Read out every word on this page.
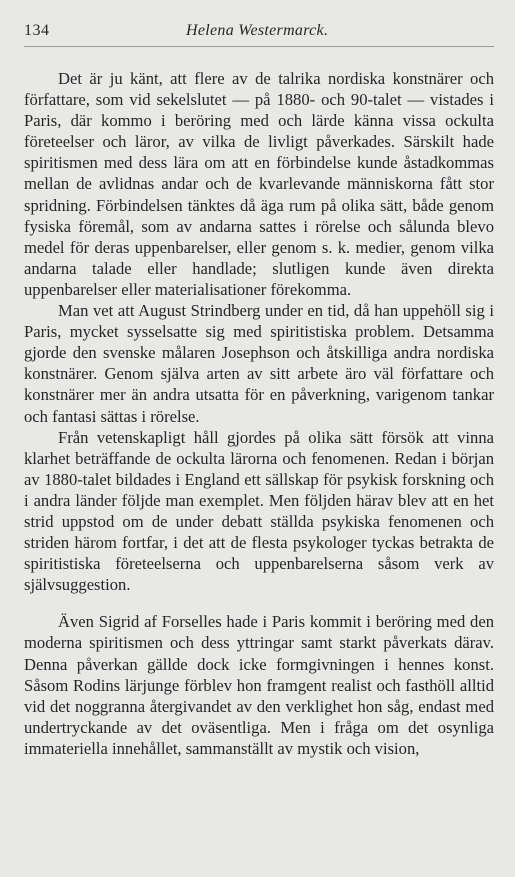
134	Helena Westermarck.

Det är ju känt, att flere av de talrika nordiska konstnärer och författare, som vid sekelslutet — på 1880- och 90-talet — vistades i Paris, där kommo i beröring med och lärde känna vissa ockulta företeelser och läror, av vilka de livligt påverkades. Särskilt hade spiritismen med dess lära om att en förbindelse kunde åstadkommas mellan de avlidnas andar och de kvarlevande människorna fått stor spridning. Förbindelsen tänktes då äga rum på olika sätt, både genom fysiska föremål, som av andarna sattes i rörelse och sålunda blevo medel för deras uppenbarelser, eller genom s. k. medier, genom vilka andarna talade eller handlade; slutligen kunde även direkta uppenbarelser eller materialisationer förekomma.

Man vet att August Strindberg under en tid, då han uppehöll sig i Paris, mycket sysselsatte sig med spiritistiska problem. Detsamma gjorde den svenske målaren Josephson och åtskilliga andra nordiska konstnärer. Genom själva arten av sitt arbete äro väl författare och konstnärer mer än andra utsatta för en påverkning, varigenom tankar och fantasi sättas i rörelse.

Från vetenskapligt håll gjordes på olika sätt försök att vinna klarhet beträffande de ockulta lärorna och fenomenen. Redan i början av 1880-talet bildades i England ett sällskap för psykisk forskning och i andra länder följde man exemplet. Men följden härav blev att en het strid uppstod om de under debatt ställda psykiska fenomenen och striden härom fortfar, i det att de flesta psykologer tyckas betrakta de spiritistiska företeelserna och uppenbarelserna såsom verk av självsuggestion.

Även Sigrid af Forselles hade i Paris kommit i beröring med den moderna spiritismen och dess yttringar samt starkt påverkats därav. Denna påverkan gällde dock icke formgivningen i hennes konst. Såsom Rodins lärjunge förblev hon framgent realist och fasthöll alltid vid det noggranna återgivandet av den verklighet hon såg, endast med undertryckande av det oväsentliga. Men i fråga om det osynliga immateriella innehållet, sammanställt av mystik och vision,
